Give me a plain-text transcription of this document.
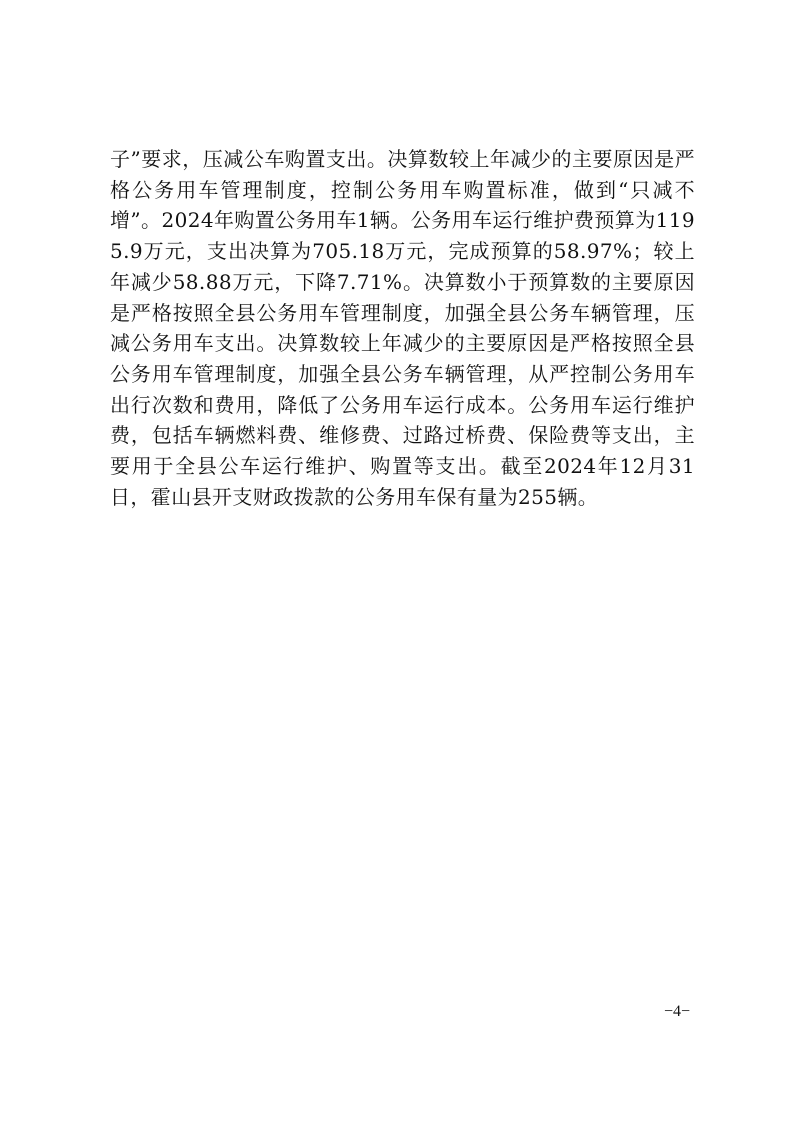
子”要求，压减公车购置支出。决算数较上年减少的主要原因是严格公务用车管理制度，控制公务用车购置标准，做到“只减不增”。2024年购置公务用车1辆。公务用车运行维护费预算为1195.9万元，支出决算为705.18万元，完成预算的58.97%；较上年减少58.88万元，下降7.71%。决算数小于预算数的主要原因是严格按照全县公务用车管理制度，加强全县公务车辆管理，压减公务用车支出。决算数较上年减少的主要原因是严格按照全县公务用车管理制度，加强全县公务车辆管理，从严控制公务用车出行次数和费用，降低了公务用车运行成本。公务用车运行维护费，包括车辆燃料费、维修费、过路过桥费、保险费等支出，主要用于全县公车运行维护、购置等支出。截至2024年12月31日，霍山县开支财政拨款的公务用车保有量为255辆。

−4−
